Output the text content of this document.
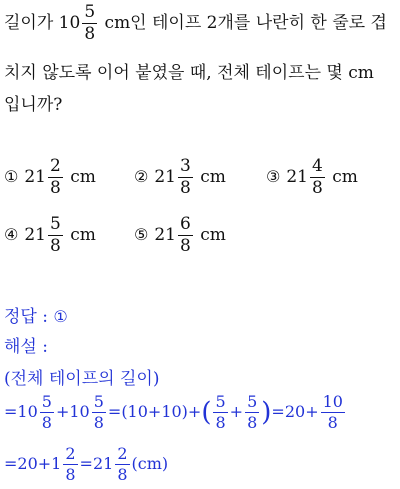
길이가 $10 \frac{5}{8}$ cm인 테이프 2개를 나란히 한 줄로 겹
치지 않도록 이어 붙였을 때, 전체 테이프는 몇 cm
입니까?
① $21 \frac{2}{8}$ cm ② $21 \frac{3}{8}$ cm	③ $21 \frac{4}{8}$ cm
④ $21 \frac{5}{8}$ cm ⑤ $21 \frac{6}{8}$ cm
정답 : ①
해설 :
(전체 테이프의 길이)
$=10 \frac{5}{8} +10 \frac{5}{8} =(10+10)+( \frac{5}{8} + \frac{5}{8} )=20+ \frac{10}{8}$
$=20+1 \frac{2}{8} =21 \frac{2}{8} (cm)$
